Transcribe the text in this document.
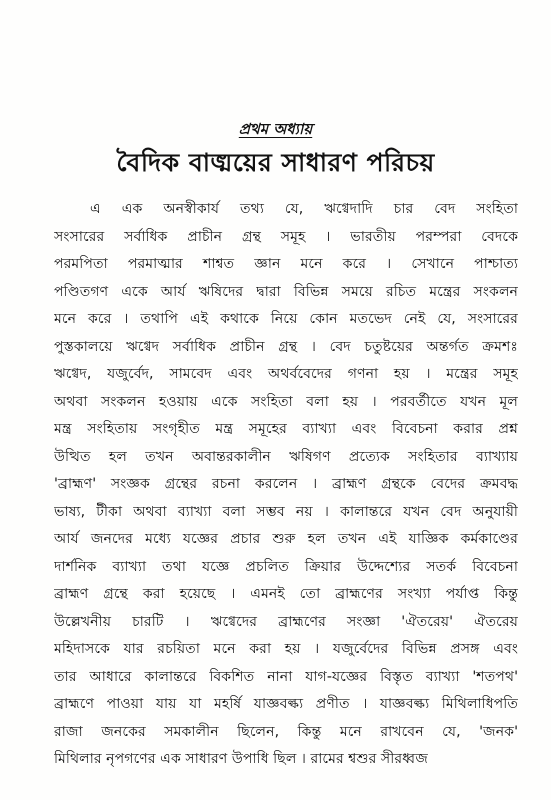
প্রথম অধ্যায়
বৈদিক বাঙ্ময়ের সাধারণ পরিচয়
এ এক অনস্বীকার্য তথ্য যে, ঋগ্বেদাদি চার বেদ সংহিতা
সংসারের সর্বাধিক প্রাচীন গ্রন্থ সমূহ । ভারতীয় পরম্পরা বেদকে
পরমপিতা পরমাত্মার শাশ্বত জ্ঞান মনে করে । সেখানে পাশ্চাত্য
পণ্ডিতগণ একে আর্য ঋষিদের দ্বারা বিভিন্ন সময়ে রচিত মন্ত্রের সংকলন
মনে করে । তথাপি এই কথাকে নিয়ে কোন মতভেদ নেই যে, সংসারের
পুস্তকালয়ে ঋগ্বেদ সর্বাধিক প্রাচীন গ্রন্থ । বেদ চতুষ্টয়ের অন্তর্গত ক্রমশঃ
ঋগ্বেদ, যজুর্বেদ, সামবেদ এবং অথর্ববেদের গণনা হয় । মন্ত্রের সমূহ
অথবা সংকলন হওয়ায় একে সংহিতা বলা হয় । পরবর্তীতে যখন মূল
মন্ত্র সংহিতায় সংগৃহীত মন্ত্র সমূহের ব্যাখ্যা এবং বিবেচনা করার প্রশ্ন
উত্থিত হল তখন অবান্তরকালীন ঋষিগণ প্রত্যেক সংহিতার ব্যাখ্যায়
'ব্রাহ্মণ' সংজ্ঞক গ্রন্থের রচনা করলেন । ব্রাহ্মণ গ্রন্থকে বেদের ক্রমবদ্ধ
ভাষ্য, টীকা অথবা ব্যাখ্যা বলা সম্ভব নয় । কালান্তরে যখন বেদ অনুযায়ী
আর্য জনদের মধ্যে যজ্ঞের প্রচার শুরু হল তখন এই যাজ্ঞিক কর্মকাণ্ডের
দার্শনিক ব্যাখ্যা তথা যজ্ঞে প্রচলিত ক্রিয়ার উদ্দেশ্যের সতর্ক বিবেচনা
ব্রাহ্মণ গ্রন্থে করা হয়েছে । এমনই তো ব্রাহ্মণের সংখ্যা পর্যাপ্ত কিন্তু
উল্লেখনীয় চারটি । ঋগ্বেদের ব্রাহ্মণের সংজ্ঞা 'ঐতরেয়' ঐতরেয়
মহিদাসকে যার রচয়িতা মনে করা হয় । যজুর্বেদের বিভিন্ন প্রসঙ্গ এবং
তার আধারে কালান্তরে বিকশিত নানা যাগ-যজ্ঞের বিস্তৃত ব্যাখ্যা 'শতপথ'
ব্রাহ্মণে পাওয়া যায় যা মহর্ষি যাজ্ঞবল্ক্য প্রণীত । যাজ্ঞবল্ক্য মিথিলাধিপতি
রাজা জনকের সমকালীন ছিলেন, কিন্তু মনে রাখবেন যে, 'জনক'
মিথিলার নৃপগণের এক সাধারণ উপাধি ছিল । রামের শ্বশুর সীরধ্বজ
